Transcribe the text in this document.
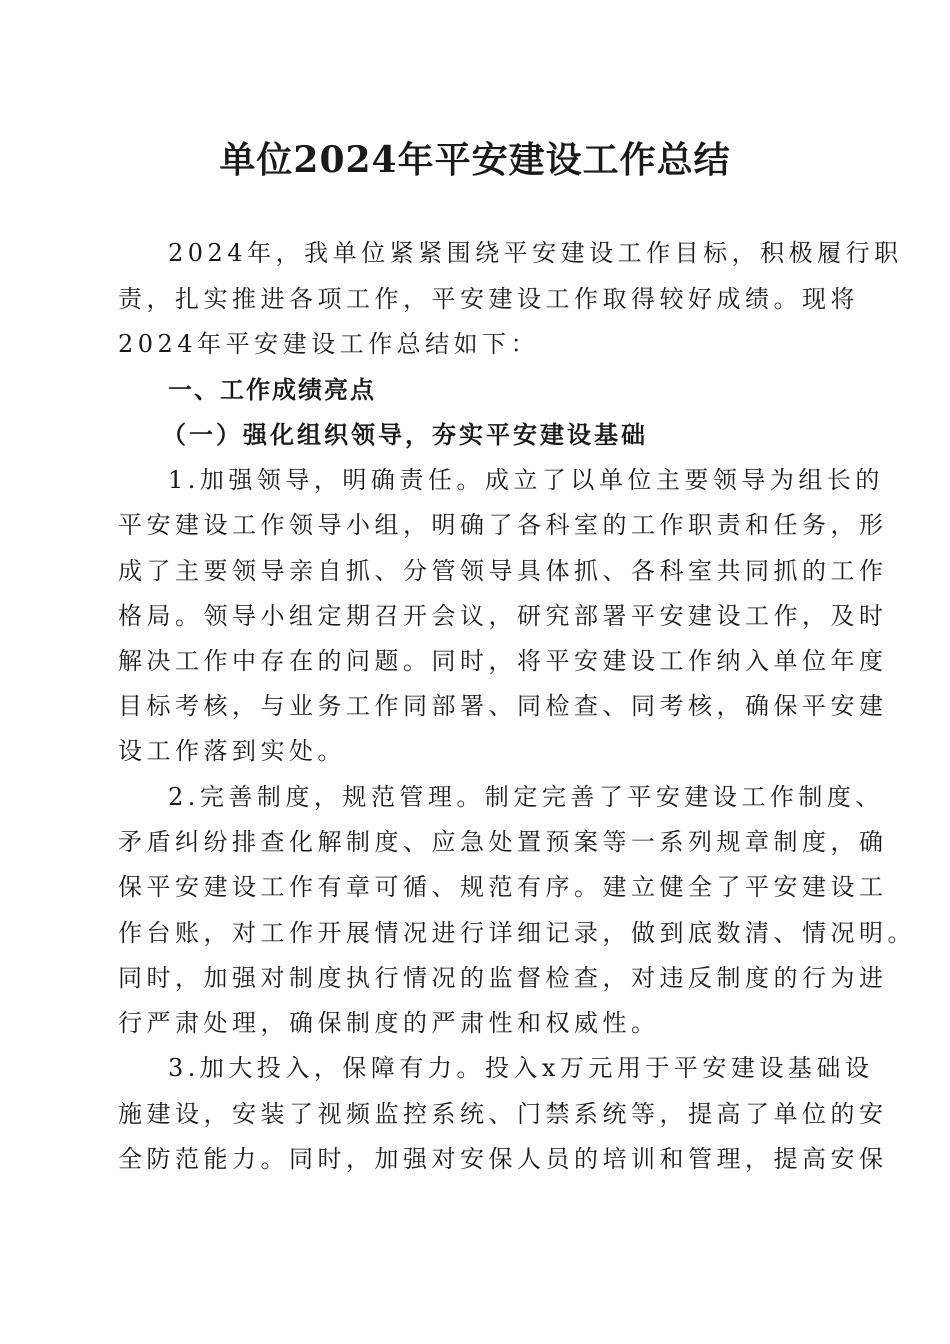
单位2024年平安建设工作总结
2024年，我单位紧紧围绕平安建设工作目标，积极履行职
责，扎实推进各项工作，平安建设工作取得较好成绩。现将
2024年平安建设工作总结如下：
一、工作成绩亮点
（一）强化组织领导，夯实平安建设基础
1.加强领导，明确责任。成立了以单位主要领导为组长的
平安建设工作领导小组，明确了各科室的工作职责和任务，形
成了主要领导亲自抓、分管领导具体抓、各科室共同抓的工作
格局。领导小组定期召开会议，研究部署平安建设工作，及时
解决工作中存在的问题。同时，将平安建设工作纳入单位年度
目标考核，与业务工作同部署、同检查、同考核，确保平安建
设工作落到实处。
2.完善制度，规范管理。制定完善了平安建设工作制度、
矛盾纠纷排查化解制度、应急处置预案等一系列规章制度，确
保平安建设工作有章可循、规范有序。建立健全了平安建设工
作台账，对工作开展情况进行详细记录，做到底数清、情况明。
同时，加强对制度执行情况的监督检查，对违反制度的行为进
行严肃处理，确保制度的严肃性和权威性。
3.加大投入，保障有力。投入x万元用于平安建设基础设
施建设，安装了视频监控系统、门禁系统等，提高了单位的安
全防范能力。同时，加强对安保人员的培训和管理，提高安保
